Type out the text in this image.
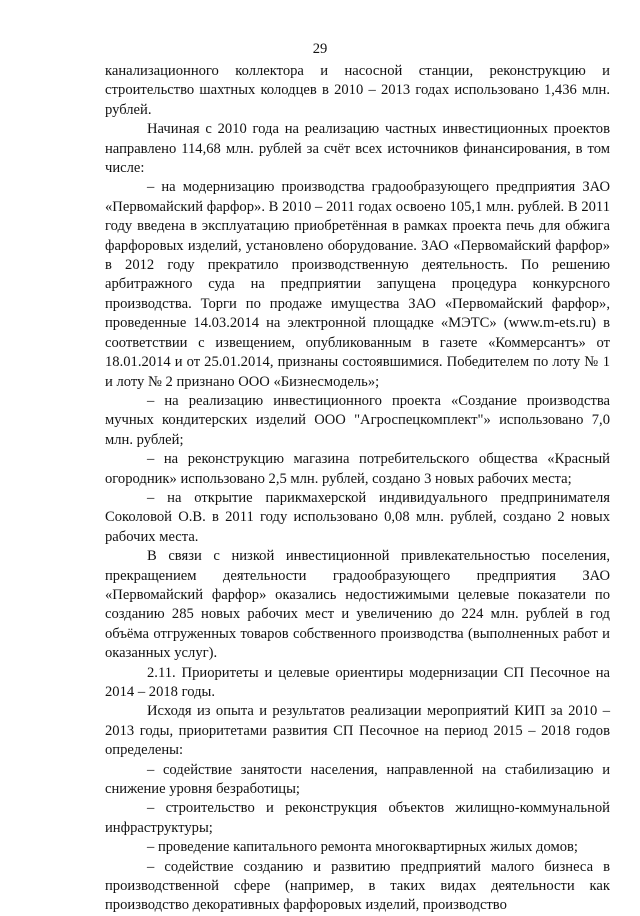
29

канализационного коллектора и насосной станции, реконструкцию и строительство шахтных колодцев в 2010 – 2013 годах использовано 1,436 млн. рублей.

Начиная с 2010 года на реализацию частных инвестиционных проектов направлено 114,68 млн. рублей за счёт всех источников финансирования, в том числе:

– на модернизацию производства градообразующего предприятия ЗАО «Первомайский фарфор». В 2010 – 2011 годах освоено 105,1 млн. рублей. В 2011 году введена в эксплуатацию приобретённая в рамках проекта печь для обжига фарфоровых изделий, установлено оборудование. ЗАО «Первомайский фарфор» в 2012 году прекратило производственную деятельность. По решению арбитражного суда на предприятии запущена процедура конкурсного производства. Торги по продаже имущества ЗАО «Первомайский фарфор», проведенные 14.03.2014 на электронной площадке «МЭТС» (www.m-ets.ru) в соответствии с извещением, опубликованным в газете «Коммерсантъ» от 18.01.2014 и от 25.01.2014, признаны состоявшимися. Победителем по лоту № 1 и лоту № 2 признано ООО «Бизнесмодель»;

– на реализацию инвестиционного проекта «Создание производства мучных кондитерских изделий ООО "Агроспецкомплект"» использовано 7,0 млн. рублей;

– на реконструкцию магазина потребительского общества «Красный огородник» использовано 2,5 млн. рублей, создано 3 новых рабочих места;

– на открытие парикмахерской индивидуального предпринимателя Соколовой О.В. в 2011 году использовано 0,08 млн. рублей, создано 2 новых рабочих места.

В связи с низкой инвестиционной привлекательностью поселения, прекращением деятельности градообразующего предприятия ЗАО «Первомайский фарфор» оказались недостижимыми целевые показатели по созданию 285 новых рабочих мест и увеличению до 224 млн. рублей в год объёма отгруженных товаров собственного производства (выполненных работ и оказанных услуг).

2.11. Приоритеты и целевые ориентиры модернизации СП Песочное на 2014 – 2018 годы.

Исходя из опыта и результатов реализации мероприятий КИП за 2010 – 2013 годы, приоритетами развития СП Песочное на период 2015 – 2018 годов определены:

– содействие занятости населения, направленной на стабилизацию и снижение уровня безработицы;

– строительство и реконструкция объектов жилищно-коммунальной инфраструктуры;

– проведение капитального ремонта многоквартирных жилых домов;

– содействие созданию и развитию предприятий малого бизнеса в производственной сфере (например, в таких видах деятельности как производство декоративных фарфоровых изделий, производство
